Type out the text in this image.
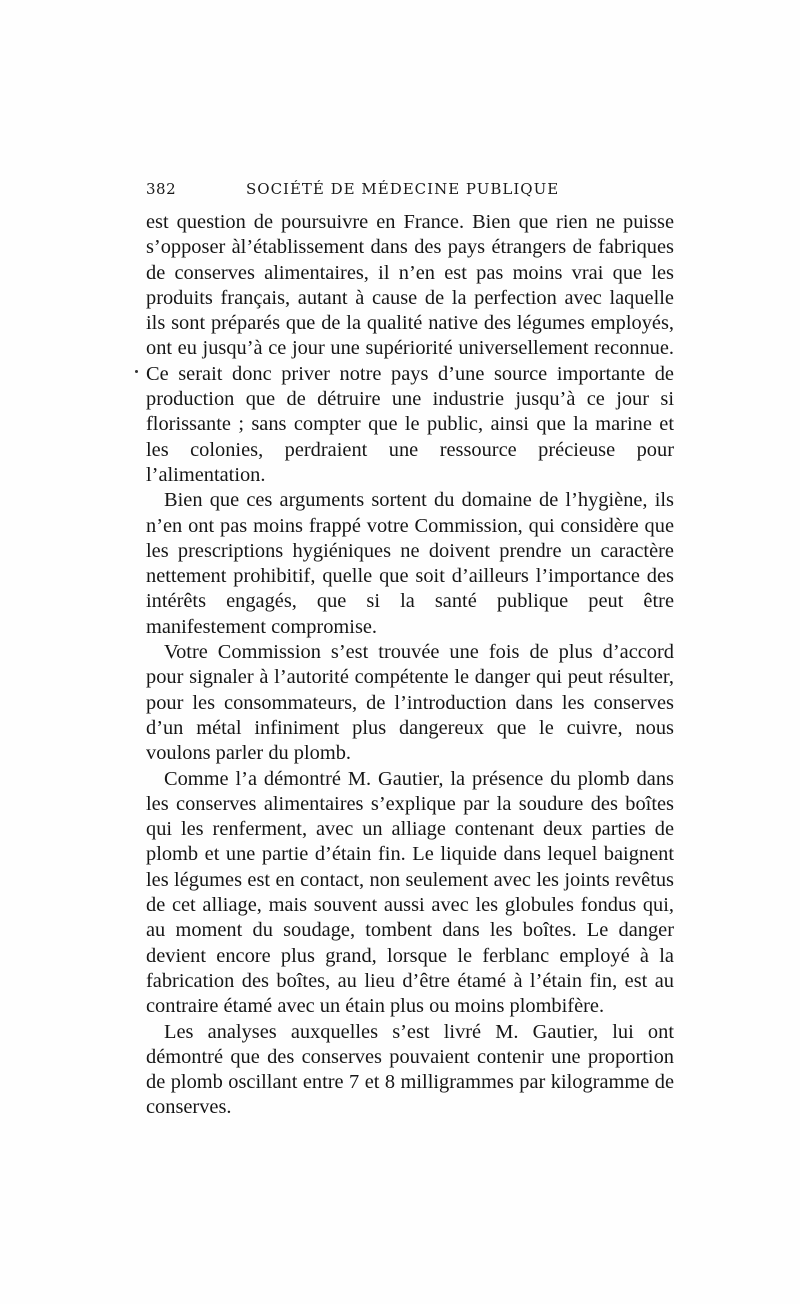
382	SOCIÉTÉ DE MÉDECINE PUBLIQUE

est question de poursuivre en France. Bien que rien ne puisse s’opposer àl’établissement dans des pays étrangers de fabriques de conserves alimentaires, il n’en est pas moins vrai que les produits français, autant à cause de la perfection avec laquelle ils sont préparés que de la qualité native des légumes employés, ont eu jusqu’à ce jour une supériorité universellement reconnue. Ce serait donc priver notre pays d’une source importante de production que de détruire une industrie jusqu’à ce jour si florissante ; sans compter que le public, ainsi que la marine et les colonies, perdraient une ressource précieuse pour l’alimentation.

Bien que ces arguments sortent du domaine de l’hygiène, ils n’en ont pas moins frappé votre Commission, qui considère que les prescriptions hygiéniques ne doivent prendre un caractère nettement prohibitif, quelle que soit d’ailleurs l’importance des intérêts engagés, que si la santé publique peut être manifestement compromise.

Votre Commission s’est trouvée une fois de plus d’accord pour signaler à l’autorité compétente le danger qui peut résulter, pour les consommateurs, de l’introduction dans les conserves d’un métal infiniment plus dangereux que le cuivre, nous voulons parler du plomb.

Comme l’a démontré M. Gautier, la présence du plomb dans les conserves alimentaires s’explique par la soudure des boîtes qui les renferment, avec un alliage contenant deux parties de plomb et une partie d’étain fin. Le liquide dans lequel baignent les légumes est en contact, non seulement avec les joints revêtus de cet alliage, mais souvent aussi avec les globules fondus qui, au moment du soudage, tombent dans les boîtes. Le danger devient encore plus grand, lorsque le ferblanc employé à la fabrication des boîtes, au lieu d’être étamé à l’étain fin, est au contraire étamé avec un étain plus ou moins plombifère.

Les analyses auxquelles s’est livré M. Gautier, lui ont démontré que des conserves pouvaient contenir une proportion de plomb oscillant entre 7 et 8 milligrammes par kilogramme de conserves.
